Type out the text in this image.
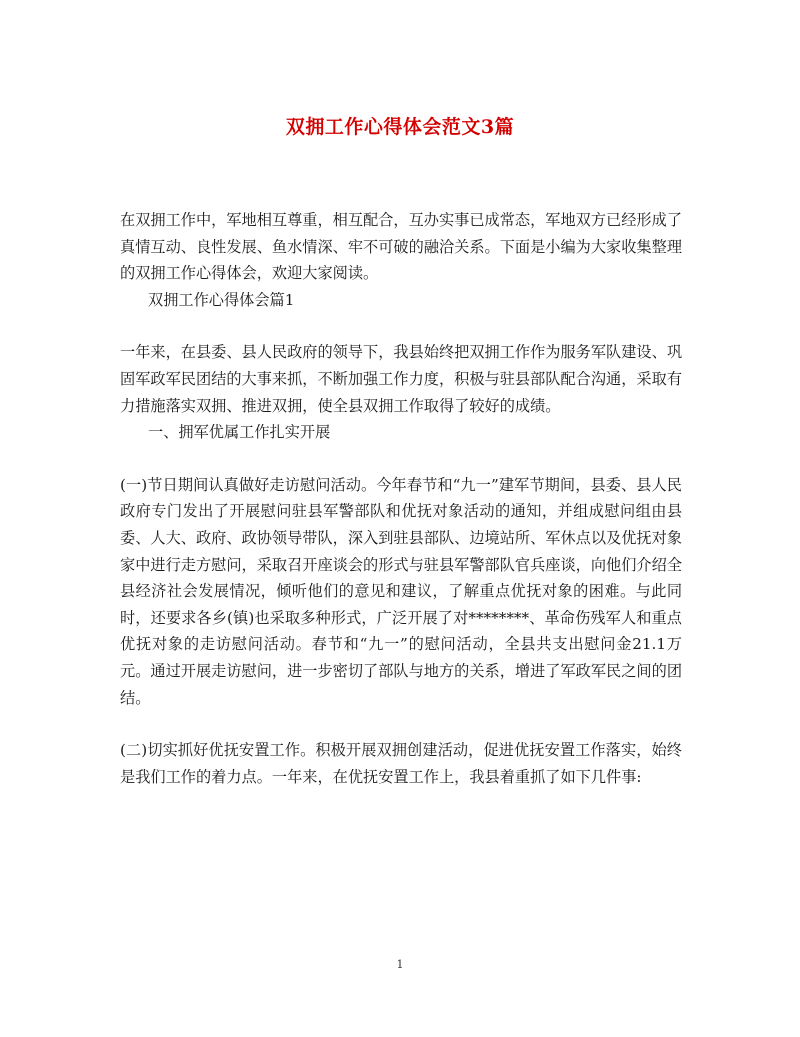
双拥工作心得体会范文3篇

在双拥工作中，军地相互尊重，相互配合，互办实事已成常态，军地双方已经形成了真情互动、良性发展、鱼水情深、牢不可破的融洽关系。下面是小编为大家收集整理的双拥工作心得体会，欢迎大家阅读。

双拥工作心得体会篇1

一年来，在县委、县人民政府的领导下，我县始终把双拥工作作为服务军队建设、巩固军政军民团结的大事来抓，不断加强工作力度，积极与驻县部队配合沟通，采取有力措施落实双拥、推进双拥，使全县双拥工作取得了较好的成绩。

一、拥军优属工作扎实开展

(一)节日期间认真做好走访慰问活动。今年春节和“九一”建军节期间，县委、县人民政府专门发出了开展慰问驻县军警部队和优抚对象活动的通知，并组成慰问组由县委、人大、政府、政协领导带队，深入到驻县部队、边境站所、军休点以及优抚对象家中进行走方慰问，采取召开座谈会的形式与驻县军警部队官兵座谈，向他们介绍全县经济社会发展情况，倾听他们的意见和建议，了解重点优抚对象的困难。与此同时，还要求各乡(镇)也采取多种形式，广泛开展了对********、革命伤残军人和重点优抚对象的走访慰问活动。春节和“九一”的慰问活动，全县共支出慰问金21.1万元。通过开展走访慰问，进一步密切了部队与地方的关系，增进了军政军民之间的团结。

(二)切实抓好优抚安置工作。积极开展双拥创建活动，促进优抚安置工作落实，始终是我们工作的着力点。一年来，在优抚安置工作上，我县着重抓了如下几件事:

1
